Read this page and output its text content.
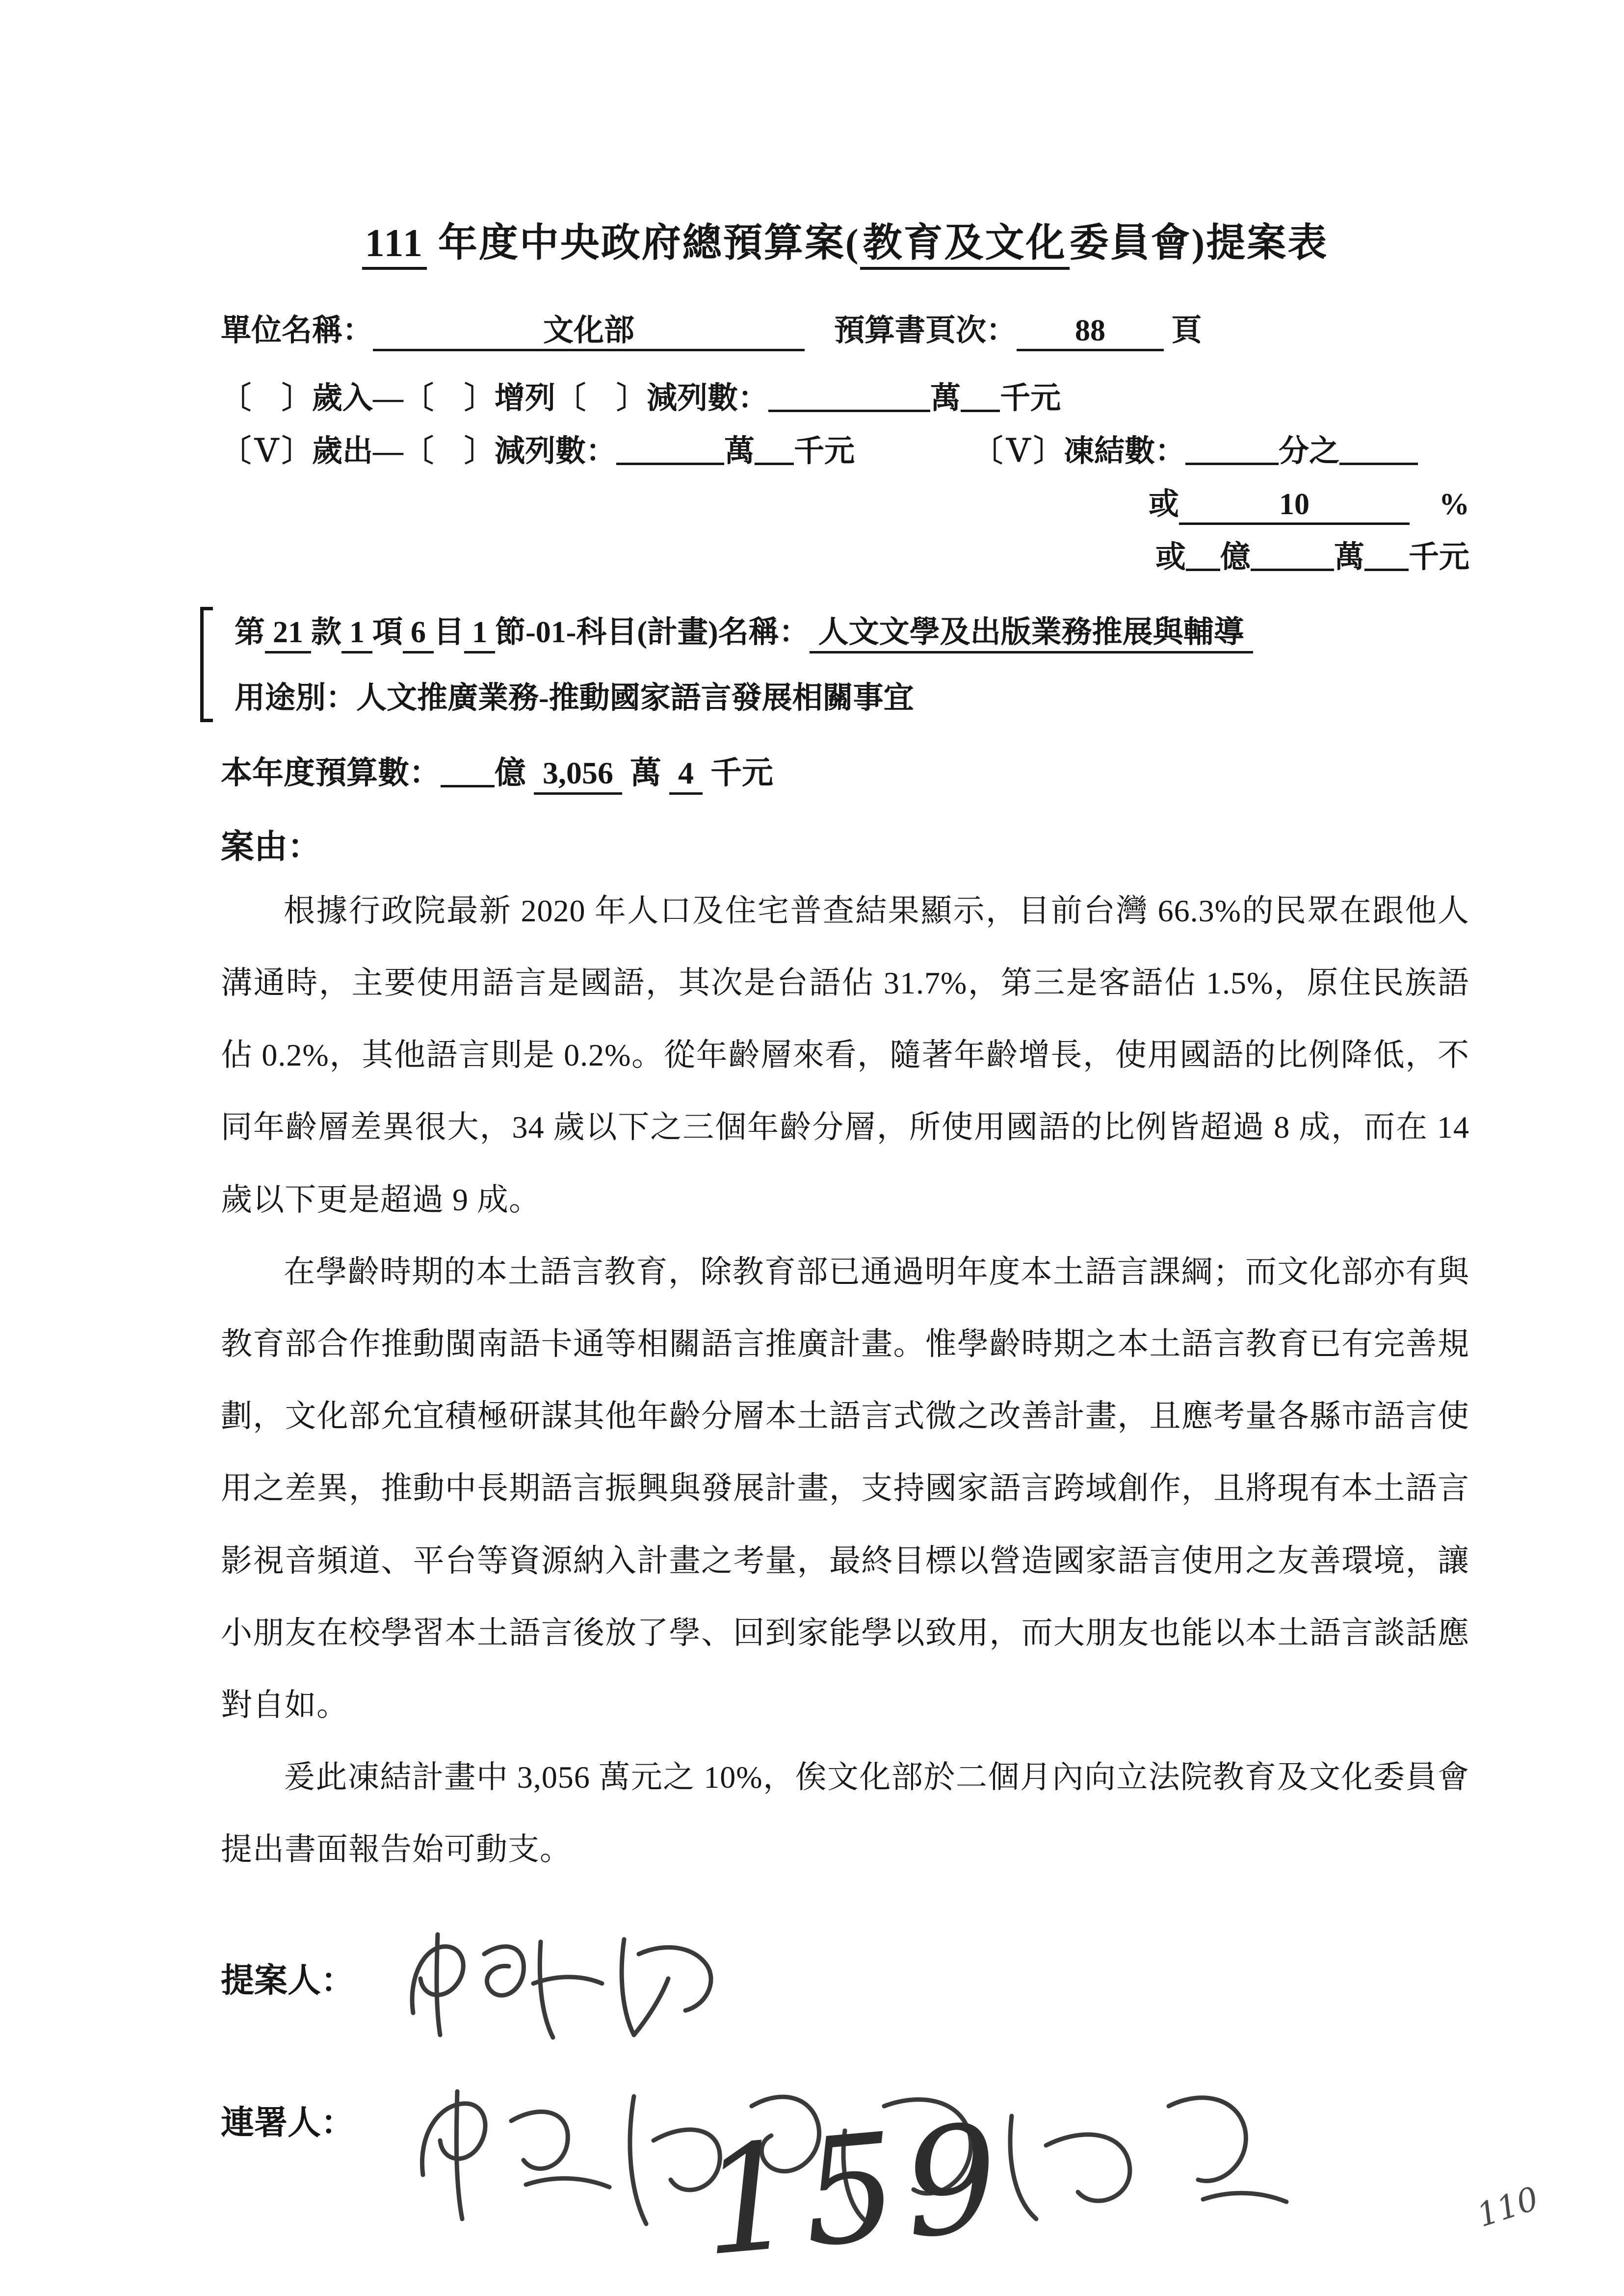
111 年度中央政府總預算案(教育及文化委員會)提案表
單位名稱：	文化部	預算書頁次： 88 頁
〔　〕歲入—〔　〕增列〔　〕減列數：	萬 千元
〔Ｖ〕歲出—〔　〕減列數：	萬 千元	〔Ｖ〕凍結數：	分之
或	10	%
或 億	萬 千元
第 21 款 1 項 6 目 1 節-01-科目(計畫)名稱： 人文文學及出版業務推展與輔導
用途別：人文推廣業務-推動國家語言發展相關事宜
本年度預算數： 億 3,056 萬 4 千元
案由：

根據行政院最新 2020 年人口及住宅普查結果顯示，目前台灣 66.3%的民眾在跟他人溝通時，主要使用語言是國語，其次是台語佔 31.7%，第三是客語佔 1.5%，原住民族語佔 0.2%，其他語言則是 0.2%。從年齡層來看，隨著年齡增長，使用國語的比例降低，不同年齡層差異很大，34 歲以下之三個年齡分層，所使用國語的比例皆超過 8 成，而在 14 歲以下更是超過 9 成。

在學齡時期的本土語言教育，除教育部已通過明年度本土語言課綱；而文化部亦有與教育部合作推動閩南語卡通等相關語言推廣計畫。惟學齡時期之本土語言教育已有完善規劃，文化部允宜積極研謀其他年齡分層本土語言式微之改善計畫，且應考量各縣市語言使用之差異，推動中長期語言振興與發展計畫，支持國家語言跨域創作，且將現有本土語言影視音頻道、平台等資源納入計畫之考量，最終目標以營造國家語言使用之友善環境，讓小朋友在校學習本土語言後放了學、回到家能學以致用，而大朋友也能以本土語言談話應對自如。

爰此凍結計畫中 3,056 萬元之 10%，俟文化部於二個月內向立法院教育及文化委員會提出書面報告始可動支。

提案人：
連署人： 159	110
